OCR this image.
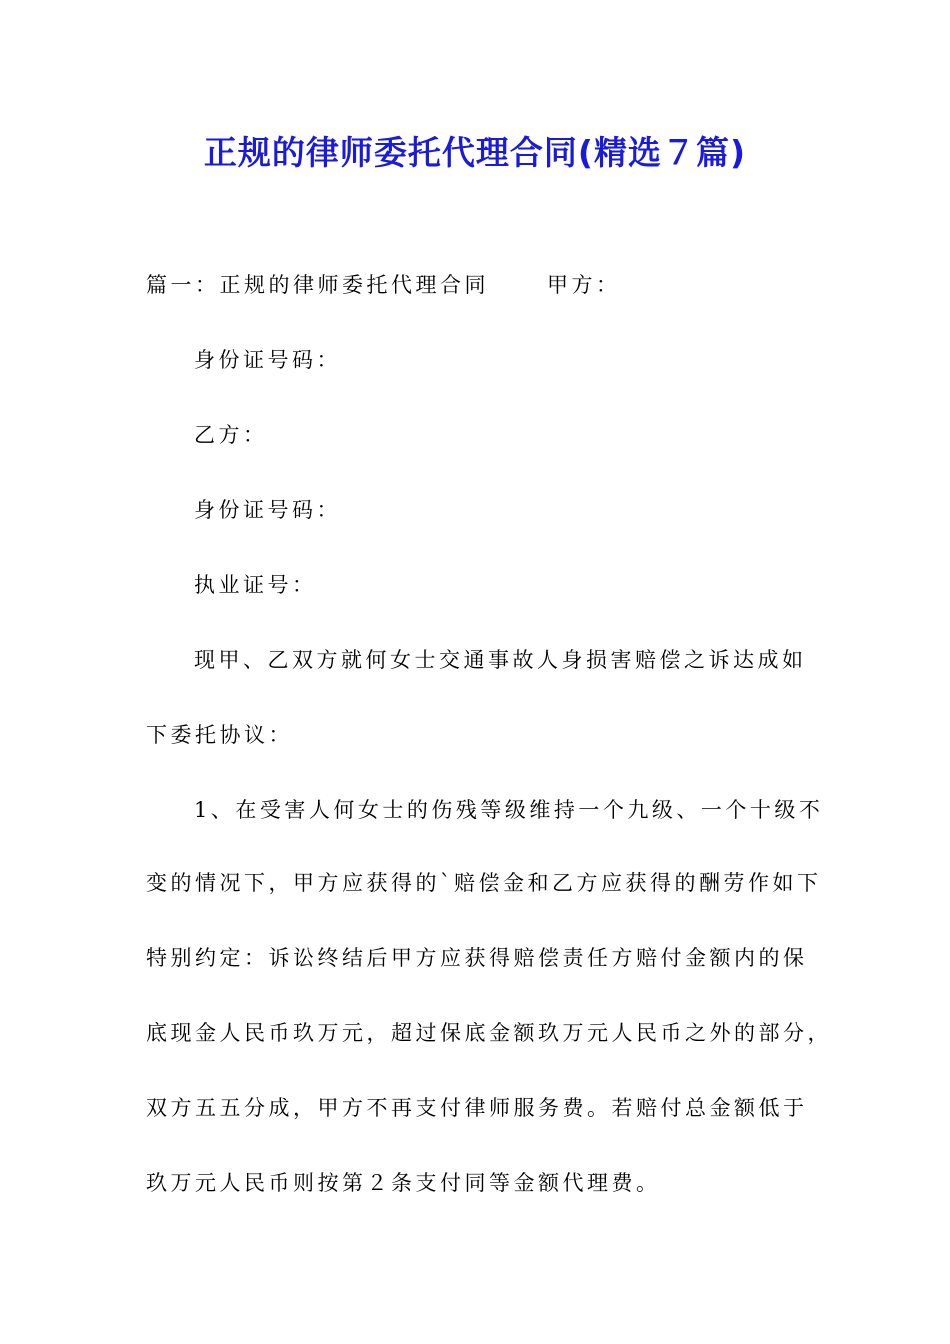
正规的律师委托代理合同(精选７篇)
篇一：正规的律师委托代理合同	甲方：
身份证号码：
乙方：
身份证号码：
执业证号：
现甲、乙双方就何女士交通事故人身损害赔偿之诉达成如
下委托协议：
1、在受害人何女士的伤残等级维持一个九级、一个十级不
变的情况下，甲方应获得的`赔偿金和乙方应获得的酬劳作如下
特别约定：诉讼终结后甲方应获得赔偿责任方赔付金额内的保
底现金人民币玖万元，超过保底金额玖万元人民币之外的部分，
双方五五分成，甲方不再支付律师服务费。若赔付总金额低于
玖万元人民币则按第２条支付同等金额代理费。
